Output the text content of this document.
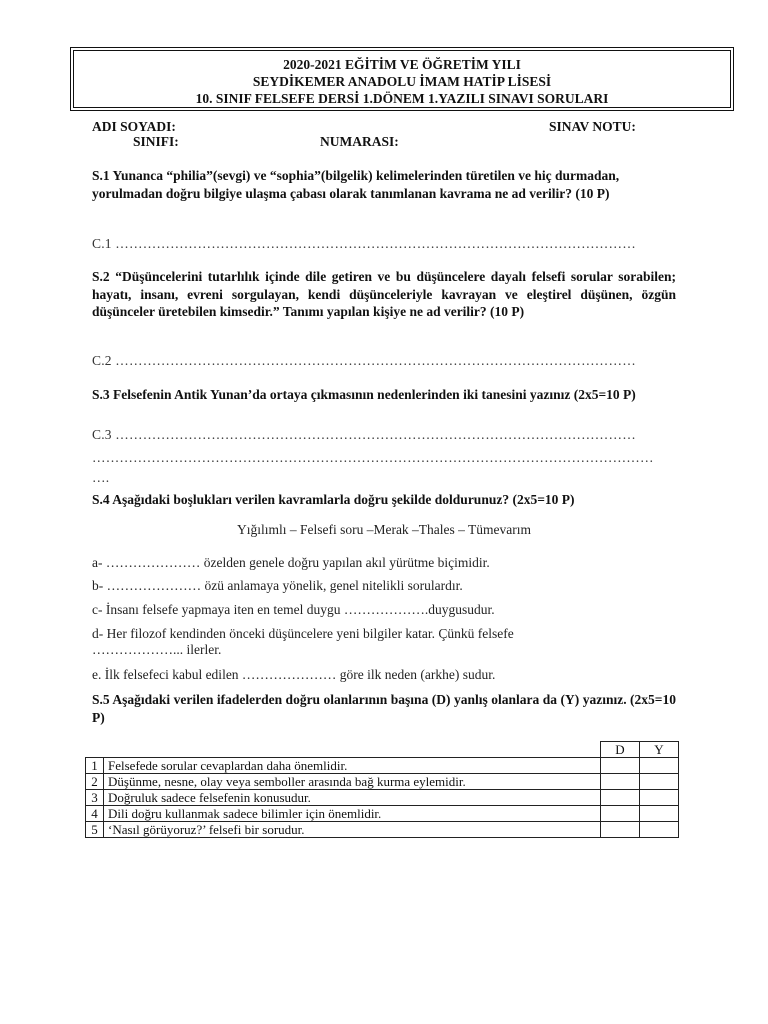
2020-2021 EĞİTİM VE ÖĞRETİM YILI
SEYDİKEMER ANADOLU İMAM HATİP LİSESİ
10. SINIF FELSEFE DERSİ 1.DÖNEM 1.YAZILI SINAVI SORULARI
ADI SOYADI:	SINAV NOTU:
SINIFI:	NUMARASI:
S.1 Yunanca “philia”(sevgi) ve “sophia”(bilgelik) kelimelerinden türetilen ve hiç durmadan, yorulmadan doğru bilgiye ulaşma çabası olarak tanımlanan kavrama ne ad verilir? (10 P)
C.1 ……………………………………………………………………………………………………
S.2 “Düşüncelerini tutarlılık içinde dile getiren ve bu düşüncelere dayalı felsefi sorular sorabilen; hayatı, insanı, evreni sorgulayan, kendi düşünceleriyle kavrayan ve eleştirel düşünen, özgün düşünceler üretebilen kimsedir.” Tanımı yapılan kişiye ne ad verilir? (10 P)
C.2 ……………………………………………………………………………………………………
S.3 Felsefenin Antik Yunan’da ortaya çıkmasının nedenlerinden iki tanesini yazınız (2x5=10 P)
C.3 ……………………………………………………………………………………………………
……………………………………………………………………………………………………………
….
S.4 Aşağıdaki boşlukları verilen kavramlarla doğru şekilde doldurunuz? (2x5=10 P)
Yığılımlı – Felsefi soru –Merak –Thales – Tümevarım
a- ………………… özelden genele doğru yapılan akıl yürütme biçimidir.
b- ………………… özü anlamaya yönelik, genel nitelikli sorulardır.
c- İnsanı felsefe yapmaya iten en temel duygu ……………….duygusudur.
d- Her filozof kendinden önceki düşüncelere yeni bilgiler katar. Çünkü felsefe
………………... ilerler.
e. İlk felsefeci kabul edilen ………………… göre ilk neden (arkhe) sudur.
S.5 Aşağıdaki verilen ifadelerden doğru olanlarının başına (D) yanlış olanlara da (Y) yazınız. (2x5=10 P)
		D	Y
1	Felsefede sorular cevaplardan daha önemlidir.		
2	Düşünme, nesne, olay veya semboller arasında bağ kurma eylemidir.		
3	Doğruluk sadece felsefenin konusudur.		
4	Dili doğru kullanmak sadece bilimler için önemlidir.		
5	‘Nasıl görüyoruz?’ felsefi bir sorudur.		
